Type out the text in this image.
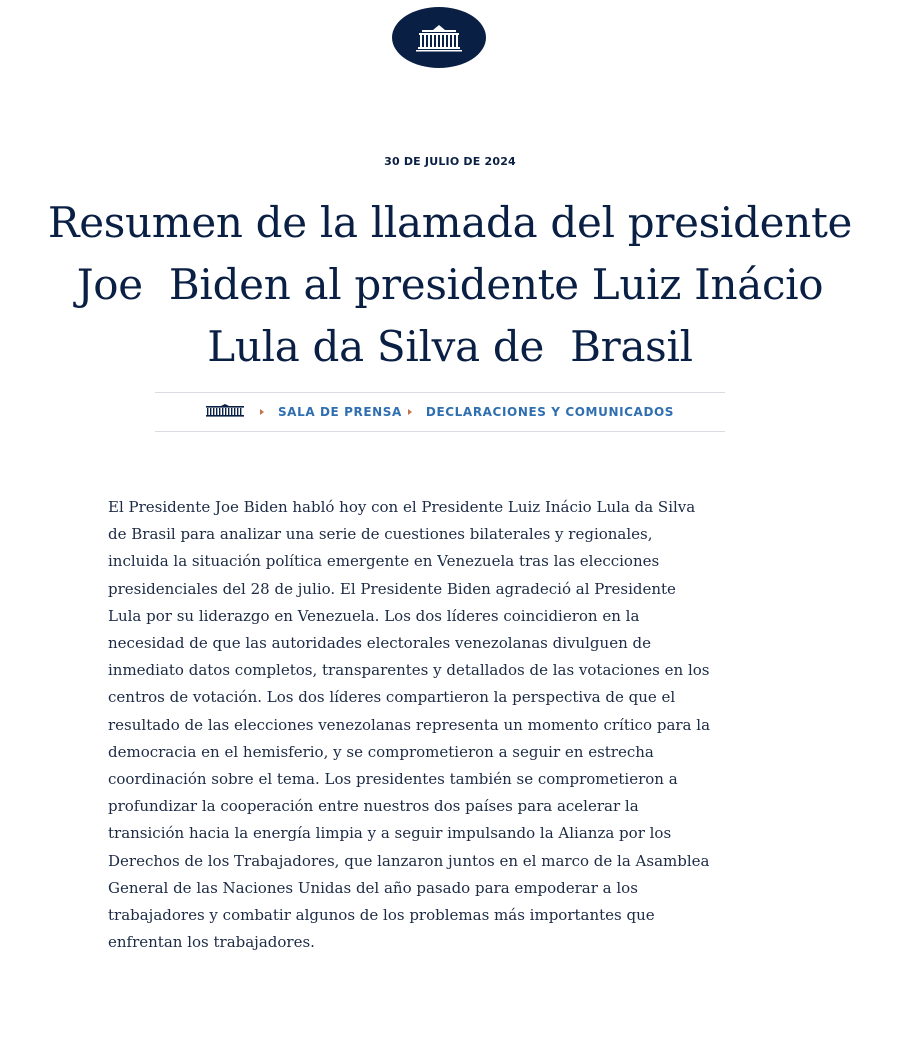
30 DE JULIO DE 2024
Resumen de la llamada del presidente
Joe  Biden al presidente Luiz Inácio
Lula da Silva de  Brasil
SALA DE PRENSA DECLARACIONES Y COMUNICADOS

El Presidente Joe Biden habló hoy con el Presidente Luiz Inácio Lula da Silva
de Brasil para analizar una serie de cuestiones bilaterales y regionales,
incluida la situación política emergente en Venezuela tras las elecciones
presidenciales del 28 de julio. El Presidente Biden agradeció al Presidente
Lula por su liderazgo en Venezuela. Los dos líderes coincidieron en la
necesidad de que las autoridades electorales venezolanas divulguen de
inmediato datos completos, transparentes y detallados de las votaciones en los
centros de votación. Los dos líderes compartieron la perspectiva de que el
resultado de las elecciones venezolanas representa un momento crítico para la
democracia en el hemisferio, y se comprometieron a seguir en estrecha
coordinación sobre el tema. Los presidentes también se comprometieron a
profundizar la cooperación entre nuestros dos países para acelerar la
transición hacia la energía limpia y a seguir impulsando la Alianza por los
Derechos de los Trabajadores, que lanzaron juntos en el marco de la Asamblea
General de las Naciones Unidas del año pasado para empoderar a los
trabajadores y combatir algunos de los problemas más importantes que
enfrentan los trabajadores.
